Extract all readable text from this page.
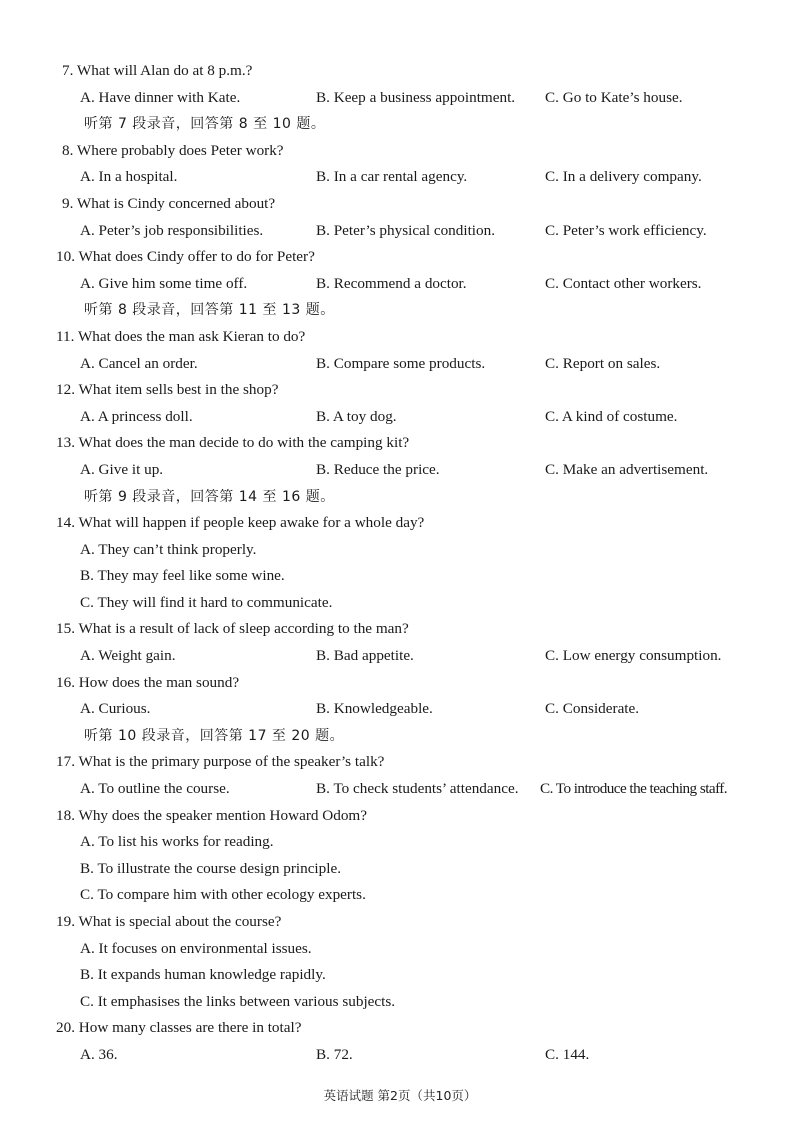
7. What will Alan do at 8 p.m.?
A. Have dinner with Kate.	B. Keep a business appointment. C. Go to Kate’s house.
听第 7 段录音，回答第 8 至 10 题。
8. Where probably does Peter work?
A. In a hospital.	B. In a car rental agency.	C. In a delivery company.
9. What is Cindy concerned about?
A. Peter’s job responsibilities.	B. Peter’s physical condition.	C. Peter’s work efficiency.
10. What does Cindy offer to do for Peter?
A. Give him some time off.	B. Recommend a doctor.	C. Contact other workers.
听第 8 段录音，回答第 11 至 13 题。
11. What does the man ask Kieran to do?
A. Cancel an order.	B. Compare some products.	C. Report on sales.
12. What item sells best in the shop?
A. A princess doll.	B. A toy dog.	C. A kind of costume.
13. What does the man decide to do with the camping kit?
A. Give it up.	B. Reduce the price.	C. Make an advertisement.
听第 9 段录音，回答第 14 至 16 题。
14. What will happen if people keep awake for a whole day?
A. They can’t think properly.
B. They may feel like some wine.
C. They will find it hard to communicate.
15. What is a result of lack of sleep according to the man?
A. Weight gain.	B. Bad appetite.	C. Low energy consumption.
16. How does the man sound?
A. Curious.	B. Knowledgeable.	C. Considerate.
听第 10 段录音，回答第 17 至 20 题。
17. What is the primary purpose of the speaker’s talk?
A. To outline the course.	B. To check students’ attendance. C. To introduce the teaching staff.
18. Why does the speaker mention Howard Odom?
A. To list his works for reading.
B. To illustrate the course design principle.
C. To compare him with other ecology experts.
19. What is special about the course?
A. It focuses on environmental issues.
B. It expands human knowledge rapidly.
C. It emphasises the links between various subjects.
20. How many classes are there in total?
A. 36.	B. 72.	C. 144.
英语试题 第2页（共10页）
